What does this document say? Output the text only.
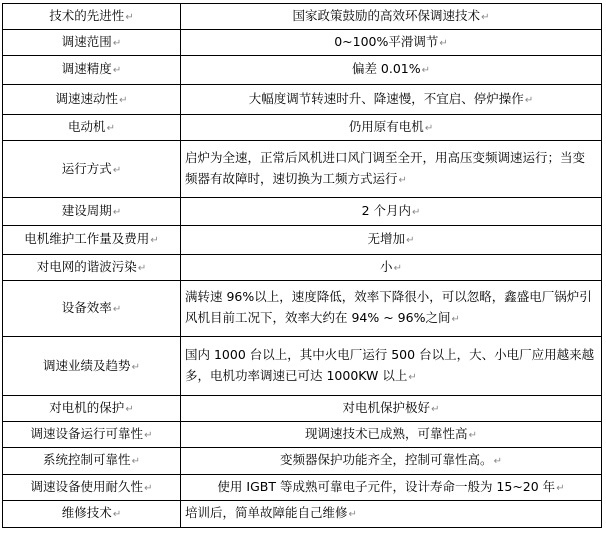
技术的先进性↵	国家政策鼓励的高效环保调速技术↵
调速范围↵	0~100%平滑调节↵
调速精度↵	偏差 0.01%↵
调速速动性↵	大幅度调节转速时升、降速慢，不宜启、停炉操作↵
电动机↵	仍用原有电机↵
运行方式↵	启炉为全速，正常后风机进口风门调至全开，用高压变频调速运行；当变频器有故障时，速切换为工频方式运行↵
建设周期↵	2 个月内↵
电机维护工作量及费用↵	无增加↵
对电网的谐波污染↵	小↵
设备效率↵	满转速 96%以上，速度降低，效率下降很小，可以忽略，鑫盛电厂锅炉引风机目前工况下，效率大约在 94% ~ 96%之间↵
调速业绩及趋势↵	国内 1000 台以上，其中火电厂运行 500 台以上，大、小电厂应用越来越多，电机功率调速已可达 1000KW 以上↵
对电机的保护↵	对电机保护极好↵
调速设备运行可靠性↵	现调速技术已成熟，可靠性高↵
系统控制可靠性↵	变频器保护功能齐全，控制可靠性高。↵
调速设备使用耐久性↵	使用 IGBT 等成熟可靠电子元件，设计寿命一般为 15~20 年↵
维修技术↵	培训后，简单故障能自己维修↵
